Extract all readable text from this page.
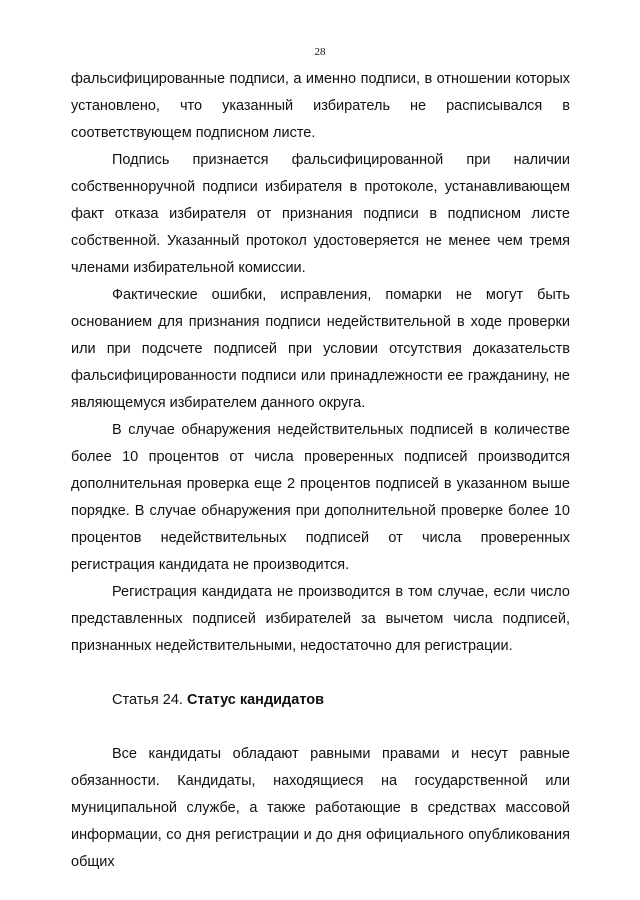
28

фальсифицированные подписи, а именно подписи, в отношении которых установлено, что указанный избиратель не расписывался в соответствующем подписном листе.

Подпись признается фальсифицированной при наличии собственноручной подписи избирателя в протоколе, устанавливающем факт отказа избирателя от признания подписи в подписном листе собственной. Указанный протокол удостоверяется не менее чем тремя членами избирательной комиссии.

Фактические ошибки, исправления, помарки не могут быть основанием для признания подписи недействительной в ходе проверки или при подсчете подписей при условии отсутствия доказательств фальсифицированности подписи или принадлежности ее гражданину, не являющемуся избирателем данного округа.

В случае обнаружения недействительных подписей в количестве более 10 процентов от числа проверенных подписей производится дополнительная проверка еще 2 процентов подписей в указанном выше порядке. В случае обнаружения при дополнительной проверке более 10 процентов недействительных подписей от числа проверенных регистрация кандидата не производится.

Регистрация кандидата не производится в том случае, если число представленных подписей избирателей за вычетом числа подписей, признанных недействительными, недостаточно для регистрации.

Статья 24. Статус кандидатов

Все кандидаты обладают равными правами и несут равные обязанности. Кандидаты, находящиеся на государственной или муниципальной службе, а также работающие в средствах массовой информации, со дня регистрации и до дня официального опубликования общих
